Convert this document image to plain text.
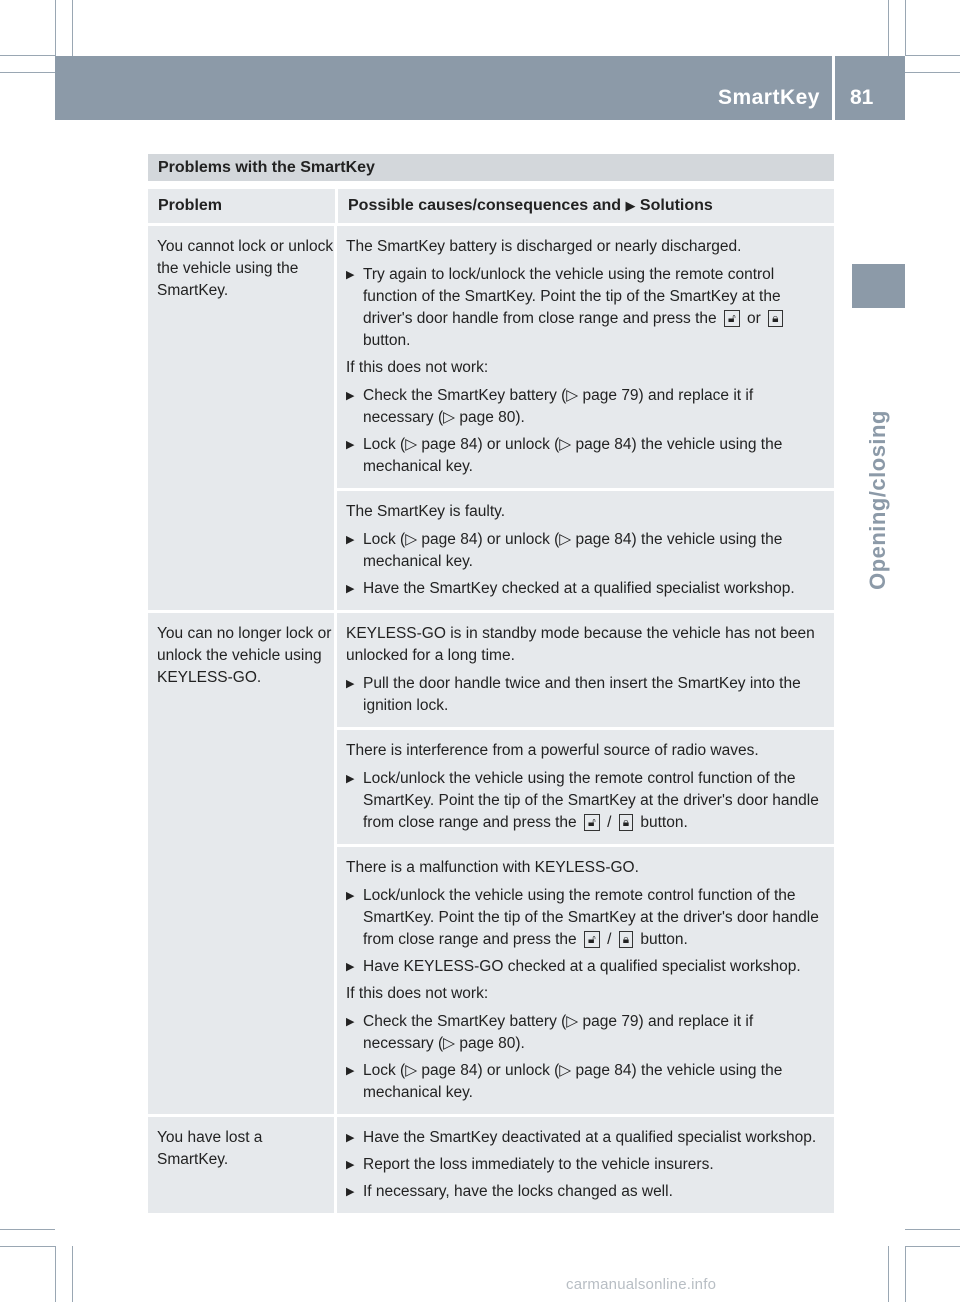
SmartKey 81
Opening/closing
Problems with the SmartKey
Problem	Possible causes/consequences and ▶ Solutions
You cannot lock or unlock the vehicle using the SmartKey.
The SmartKey battery is discharged or nearly discharged.
▶ Try again to lock/unlock the vehicle using the remote control function of the SmartKey. Point the tip of the SmartKey at the driver's door handle from close range and press the 🔓︎ or 🔒︎ button.
If this does not work:
▶ Check the SmartKey battery (▷ page 79) and replace it if necessary (▷ page 80).
▶ Lock (▷ page 84) or unlock (▷ page 84) the vehicle using the mechanical key.
The SmartKey is faulty.
▶ Lock (▷ page 84) or unlock (▷ page 84) the vehicle using the mechanical key.
▶ Have the SmartKey checked at a qualified specialist workshop.
You can no longer lock or unlock the vehicle using KEYLESS-GO.
KEYLESS-GO is in standby mode because the vehicle has not been unlocked for a long time.
▶ Pull the door handle twice and then insert the SmartKey into the ignition lock.
There is interference from a powerful source of radio waves.
▶ Lock/unlock the vehicle using the remote control function of the SmartKey. Point the tip of the SmartKey at the driver's door handle from close range and press the 🔓︎ / 🔒︎ button.
There is a malfunction with KEYLESS-GO.
▶ Lock/unlock the vehicle using the remote control function of the SmartKey. Point the tip of the SmartKey at the driver's door handle from close range and press the 🔓︎ / 🔒︎ button.
▶ Have KEYLESS-GO checked at a qualified specialist workshop.
If this does not work:
▶ Check the SmartKey battery (▷ page 79) and replace it if necessary (▷ page 80).
▶ Lock (▷ page 84) or unlock (▷ page 84) the vehicle using the mechanical key.
You have lost a SmartKey.
▶ Have the SmartKey deactivated at a qualified specialist workshop.
▶ Report the loss immediately to the vehicle insurers.
▶ If necessary, have the locks changed as well.
carmanualsonline.info
